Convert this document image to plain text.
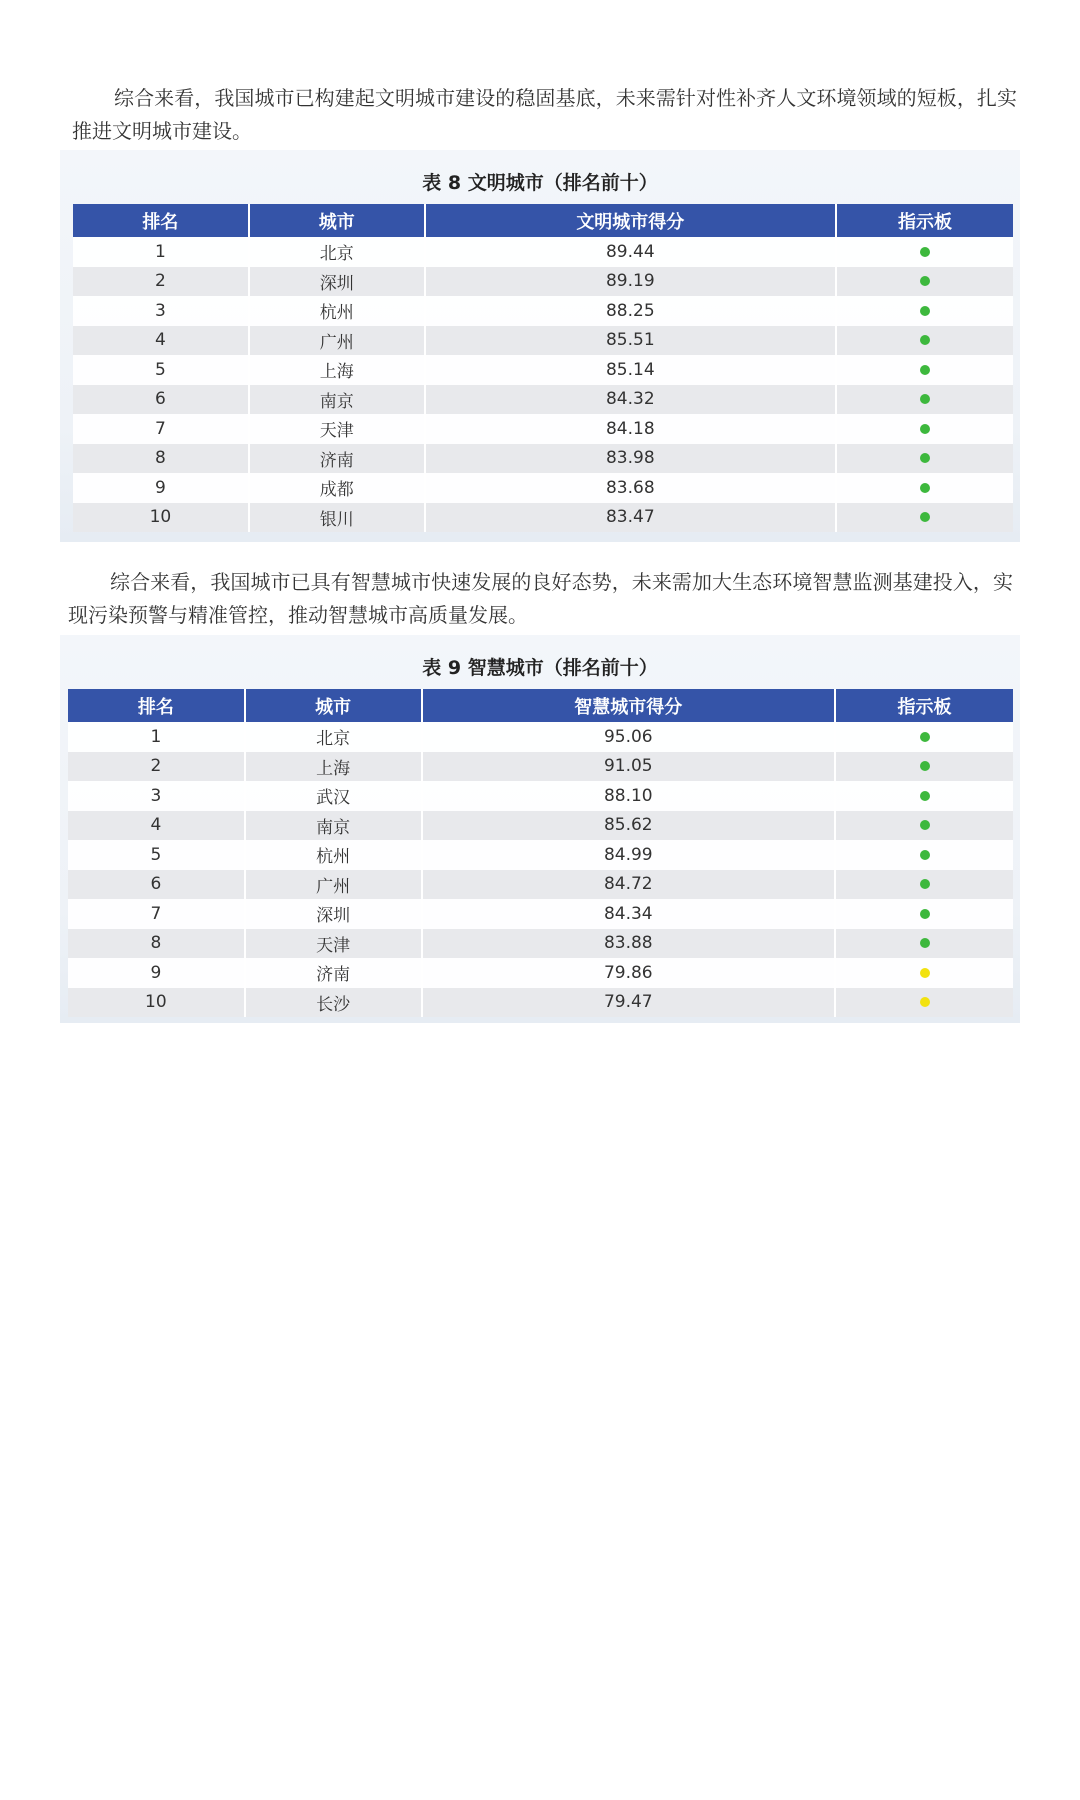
综合来看，我国城市已构建起文明城市建设的稳固基底，未来需针对性补齐人文环境领域的短板，扎实推进文明城市建设。

表 8 文明城市（排名前十）
排名	城市	文明城市得分	指示板
1	北京	89.44	
2	深圳	89.19	
3	杭州	88.25	
4	广州	85.51	
5	上海	85.14	
6	南京	84.32	
7	天津	84.18	
8	济南	83.98	
9	成都	83.68	
10	银川	83.47	

综合来看，我国城市已具有智慧城市快速发展的良好态势，未来需加大生态环境智慧监测基建投入，实现污染预警与精准管控，推动智慧城市高质量发展。

表 9 智慧城市（排名前十）
排名	城市	智慧城市得分	指示板
1	北京	95.06	
2	上海	91.05	
3	武汉	88.10	
4	南京	85.62	
5	杭州	84.99	
6	广州	84.72	
7	深圳	84.34	
8	天津	83.88	
9	济南	79.86	
10	长沙	79.47	
